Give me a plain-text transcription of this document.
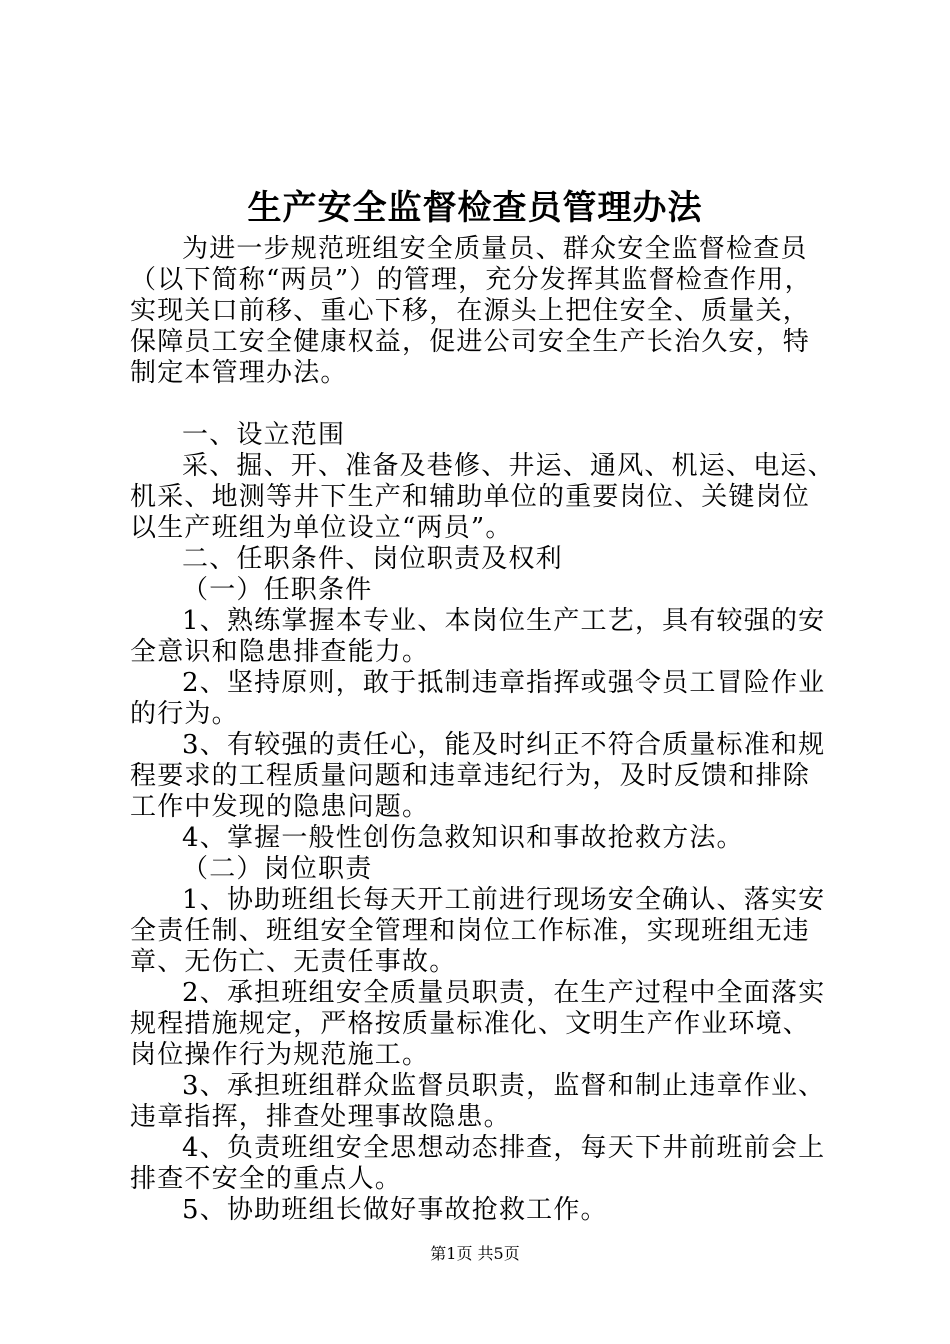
生产安全监督检查员管理办法

为进一步规范班组安全质量员、群众安全监督检查员（以下简称“两员”）的管理，充分发挥其监督检查作用，实现关口前移、重心下移，在源头上把住安全、质量关，保障员工安全健康权益，促进公司安全生产长治久安，特制定本管理办法。

一、设立范围

采、掘、开、准备及巷修、井运、通风、机运、电运、机采、地测等井下生产和辅助单位的重要岗位、关键岗位以生产班组为单位设立“两员”。

二、任职条件、岗位职责及权利

（一）任职条件

1、熟练掌握本专业、本岗位生产工艺，具有较强的安全意识和隐患排查能力。

2、坚持原则，敢于抵制违章指挥或强令员工冒险作业的行为。

3、有较强的责任心，能及时纠正不符合质量标准和规程要求的工程质量问题和违章违纪行为，及时反馈和排除工作中发现的隐患问题。

4、掌握一般性创伤急救知识和事故抢救方法。

（二）岗位职责

1、协助班组长每天开工前进行现场安全确认、落实安全责任制、班组安全管理和岗位工作标准，实现班组无违章、无伤亡、无责任事故。

2、承担班组安全质量员职责，在生产过程中全面落实规程措施规定，严格按质量标准化、文明生产作业环境、岗位操作行为规范施工。

3、承担班组群众监督员职责，监督和制止违章作业、违章指挥，排查处理事故隐患。

4、负责班组安全思想动态排查，每天下井前班前会上排查不安全的重点人。

5、协助班组长做好事故抢救工作。

第1页 共5页
